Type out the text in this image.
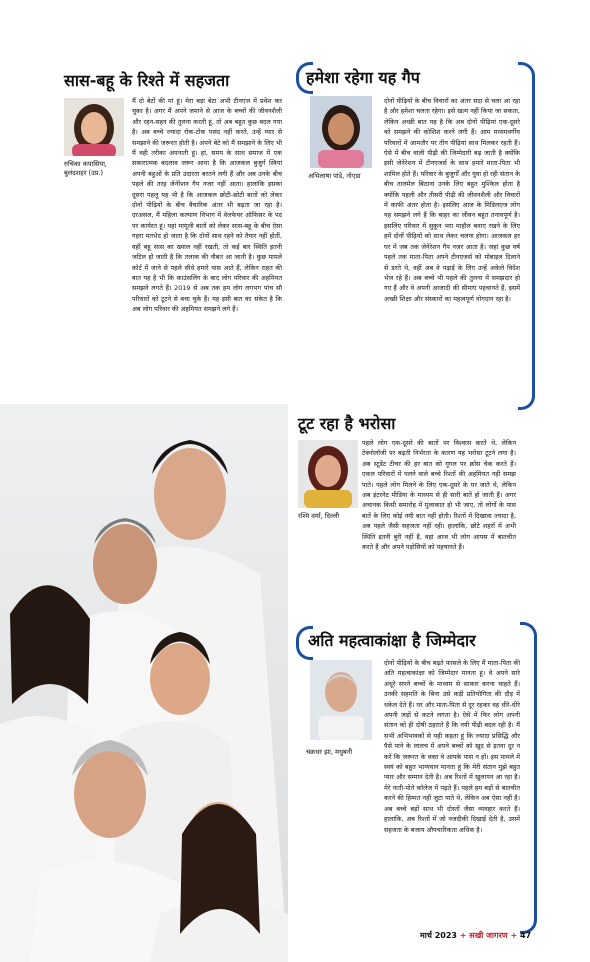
सास-बहू के रिश्ते में सहजता
रुचिका कपासिया,
बुलंदशहर (उप्र.)

मैं दो बेटों की मां हूं। मेरा बड़ा बेटा अभी टीनएज में प्रवेश कर चुका है। अगर मैं अपने जमाने से आज के बच्चों की जीवनशैली और रहन-सहन की तुलना करती हूं, तो अब बहुत कुछ बदल गया है। अब बच्चे ज्यादा रोक-टोक पसंद नहीं करते, उन्हें प्यार से समझाने की जरूरत होती है। अपने बेटे को मैं समझाने के लिए भी मैं वही तरीका अपनाती हूं। हां, समय के साथ समाज में एक सकारात्मक बदलाव जरूर आया है कि आजकल बुजुर्ग स्त्रियां अपनी बहुओं के प्रति उदारता बरतने लगी हैं और अब उनके बीच पहले की तरह जेनेरेशन गैप नजर नहीं आता। हालांकि इसका दूसरा पहलू यह भी है कि आजकल छोटी-छोटी बातों को लेकर दोनों पीढ़ियों के बीच वैचारिक अंतर भी बढ़ता जा रहा है। दरअसल, मैं महिला कल्याण विभाग में वेलफेयर ऑफिसर के पद पर कार्यरत हूं। यहां मामूली बातों को लेकर सास-बहू के बीच ऐसा गहरा मतभेद हो जाता है कि दोनों साथ रहने को तैयार नहीं होतीं, वहीं बहू सास का ख्याल नहीं रखती, तो कई बार स्थिति इतनी जटिल हो जाती है कि तलाक की नौबत आ जाती है। कुछ मामले कोर्ट में जाने से पहले सीधे हमारे पास आते हैं, लेकिन राहत की बात यह है भी कि काउंसलिंग के बाद लोग परिवार की अहमियत समझने लगते हैं। 2019 से अब तक हम लोग लगभग पांच सौ परिवारों को टूटने से बचा चुके हैं। यह इसी बात का संकेत है कि अब लोग परिवार की अहमियत समझने लगे हैं।

हमेशा रहेगा यह गैप
अभिलाषा पांडे, नोएडा

दोनों पीढ़ियों के बीच विचारों का अंतर सदा से चला आ रहा है और हमेशा चलता रहेगा। इसे खत्म नहीं किया जा सकता, लेकिन अच्छी बात यह है कि अब दोनों पीढ़ियां एक-दूसरे को समझने की कोशिश करने लगी हैं। आम मध्यमवर्गीय परिवारों में आमतौर पर तीन पीढ़ियां साथ मिलकर रहती हैं। ऐसे में बीच वाली पीढ़ी की जिम्मेदारी बढ़ जाती है क्योंकि इसी जेनेरेशन में टीनएजर्स के साथ हमारे माता-पिता भी शामिल होते हैं। परिवार के बुजुर्गों और युवा हो रही संतान के बीच तालमेल बिठाना उनके लिए बहुत मुश्किल होता है क्योंकि पहली और तीसरी पीढ़ी की जीवनशैली और विचारों में काफी अंतर होता है। इसलिए आज के मिडिलएज लोग यह समझने लगे हैं कि बाहर का जीवन बहुत तनावपूर्ण है। इसलिए परिवार में सुकून भरा माहौल बनाए रखने के लिए हमें दोनों पीढ़ियों को साथ लेकर चलना होगा। आजकल हर घर में जब तक जेनेरेशन गैप नजर आता है। जहां कुछ वर्ष पहले तक माता-पिता अपने टीनएजर्स को मोबाइल दिलाने से डरते थे, वहीं अब वे पढ़ाई के लिए उन्हें अकेले विदेश भेज रहे हैं। अब बच्चे भी पहले की तुलना में समझदार हो गए हैं और वे अपनी आजादी की सीमाएं पहचानते हैं, इसमें अच्छी शिक्षा और संस्कारों का महत्वपूर्ण योगदान रहा है।

टूट रहा है भरोसा
रश्मि वर्मा, दिल्ली

पहले लोग एक-दूसरे की बातों पर विश्वास करते थे, लेकिन टेक्नोलॉजी पर बढ़ती निर्भरता के कारण यह भरोसा टूटने लगा है। अब स्टूडेंट टीचर की हर बात को गूगल पर क्रॉस चेक करते हैं। एकल परिवारों में पलने वाले बच्चे रिश्तों की अहमियत नहीं समझ पाते। पहले लोग मिलने के लिए एक-दूसरे के घर जाते थे, लेकिन अब इंटरनेट मीडिया के माध्यम से ही सारी बातें हो जाती हैं। अगर अचानक किसी समारोह में मुलाकात हो भी जाए, तो लोगों के पास बातें के लिए कोई नयी बात नहीं होती। रिश्तों में दिखावा ज्यादा है, अब पहले जैसी सहजता नहीं रही। हालांकि, छोटे शहरों में अभी स्थिति इतनी बुरी नहीं है, वहां आज भी लोग आपस में बातचीत करते हैं और अपने पड़ोसियों को पहचानते हैं।

अति महत्वाकांक्षा है जिम्मेदार
चक्रधर झा, मधुबनी

दोनों पीढ़ियों के बीच बढ़ते फासले के लिए मैं माता-पिता की अति महत्वाकांक्षा को जिम्मेदार मानता हूं। वे अपने सारे अधूरे सपने बच्चों के माध्यम से साकार करना चाहते हैं। उनकी सहमति के बिना उसे कड़ी प्रतियोगिता की दौड़ में धकेल देते हैं। घर और माता-पिता से दूर रहकर वह धीरे-धीरे अपनी जड़ों से कटने लगता है। ऐसे में फिर लोग अपनी संतान को ही दोषी ठहराते हैं कि नयी पीढ़ी बदल रही है। मैं सभी अभिभावकों से यही कहता हूं कि ज्यादा प्रसिद्धि और पैसे पाने के लालच में अपने बच्चों को खुद से इतना दूर न करें कि जरूरत के वक्त वे आपके पास न हों। इस मामले में स्वयं को बहुत भाग्यवान मानता हूं कि मेरी संतान मुझे बहुत प्यार और सम्मान देती है। अब रिश्तों में खुलापन आ रहा है। मेरे नाती-पोते कॉलेज में पढ़ते हैं। पहले हम बड़ों से बातचीत करने की हिम्मत नहीं जुटा पाते थे, लेकिन अब ऐसा नहीं है। अब बच्चे बड़ों साथ भी दोस्तों जैसा व्यवहार करते हैं। हालांकि, अब रिश्तों में जो नजदीकी दिखाई देती है, उसमें सहजता के बजाय औपचारिकता अधिक है।

मार्च 2023 + सखी जागरण + 47
